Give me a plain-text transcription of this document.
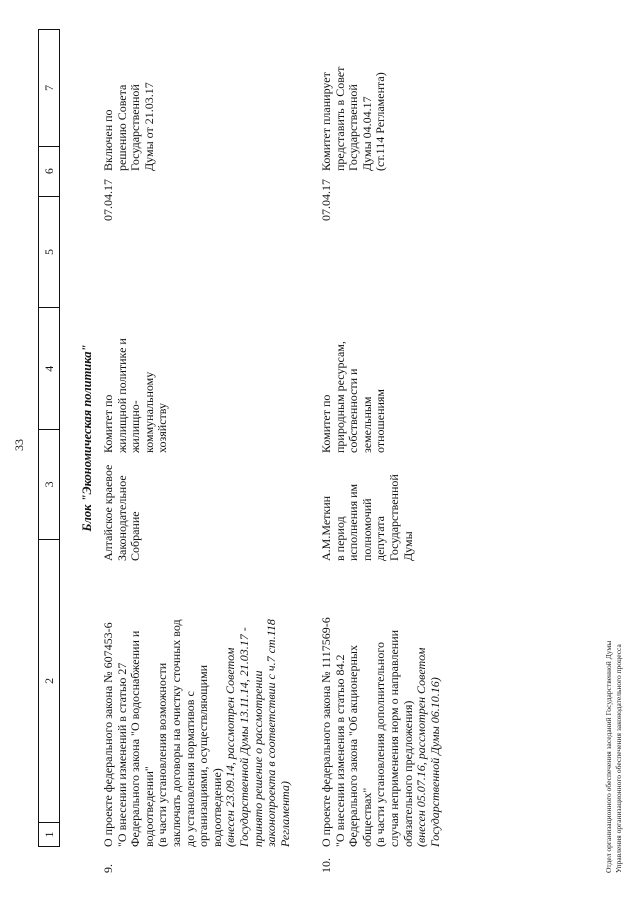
33
1
2
3
4
5
6
7
Блок "Экономическая политика"
9.
О проекте федерального закона № 607453-6 "О внесении изменений в статью 27 Федерального закона "О водоснабжении и водоотведении" (в части установления возможности заключать договоры на очистку сточных вод до установления нормативов с организациями, осуществляющими водоотведение) (внесен 23.09.14, рассмотрен Советом Государственной Думы 13.11.14, 21.03.17 - принято решение о рассмотрении законопроекта в соответствии с ч.7 ст.118 Регламента)
Алтайское краевое Законодательное Собрание
Комитет по жилищной политике и жилищно- коммунальному хозяйству
07.04.17
Включен по решению Совета Государственной Думы от 21.03.17
10.
О проекте федерального закона № 1117569-6 "О внесении изменения в статью 84.2 Федерального закона "Об акционерных обществах" (в части установления дополнительного случая неприменения норм о направлении обязательного предложения) (внесен 05.07.16, рассмотрен Советом Государственной Думы 06.10.16)
А.М.Меткин в период исполнения им полномочий депутата Государственной Думы
Комитет по природным ресурсам, собственности и земельным отношениям
07.04.17
Комитет планирует представить в Совет Государственной Думы 04.04.17 (ст.114 Регламента)
Отдел организационного обеспечения заседаний Государственной Думы Управления организационного обеспечения законодательного процесса
